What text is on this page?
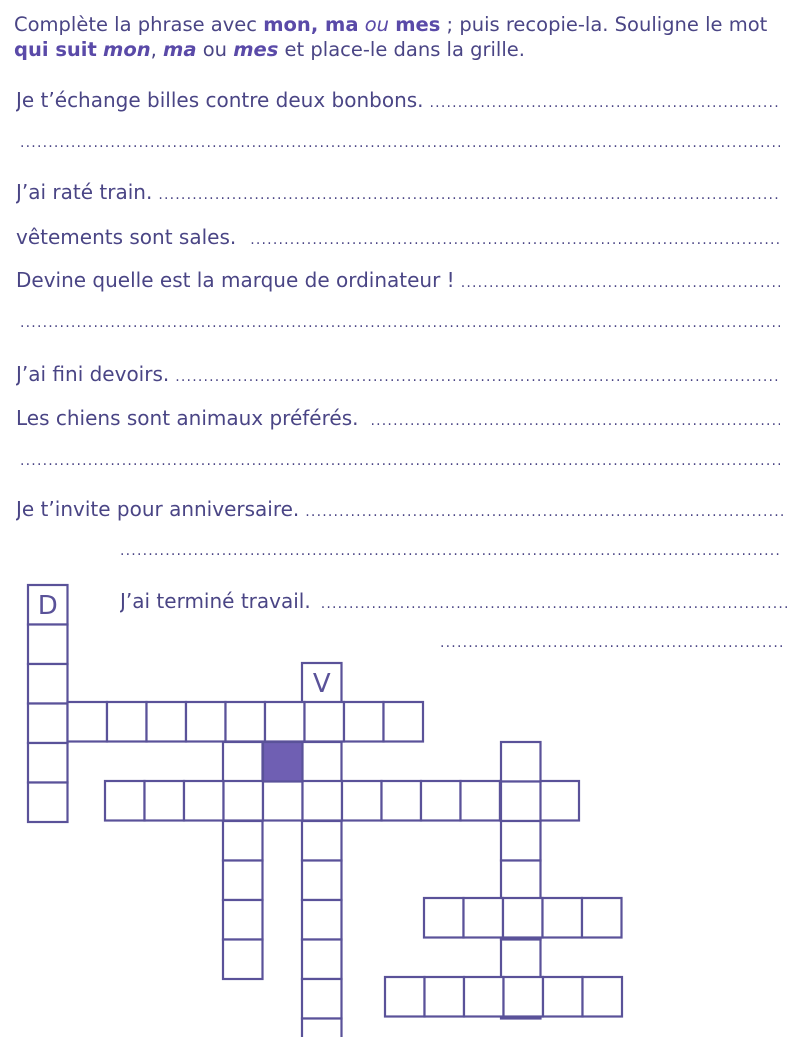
Complète la phrase avec mon, ma ou mes ; puis recopie-la. Souligne le mot qui suit mon, ma ou mes et place-le dans la grille.
Je t’échange billes contre deux bonbons.
.....
.....
J’ai raté train.
.....
vêtements sont sales.
.....
Devine quelle est la marque de ordinateur !
.....
.....
J’ai fini devoirs.
.....
Les chiens sont animaux préférés.
.....
.....
Je t’invite pour anniversaire.
.....
.....
J’ai terminé travail.
.....
.....
D
V
